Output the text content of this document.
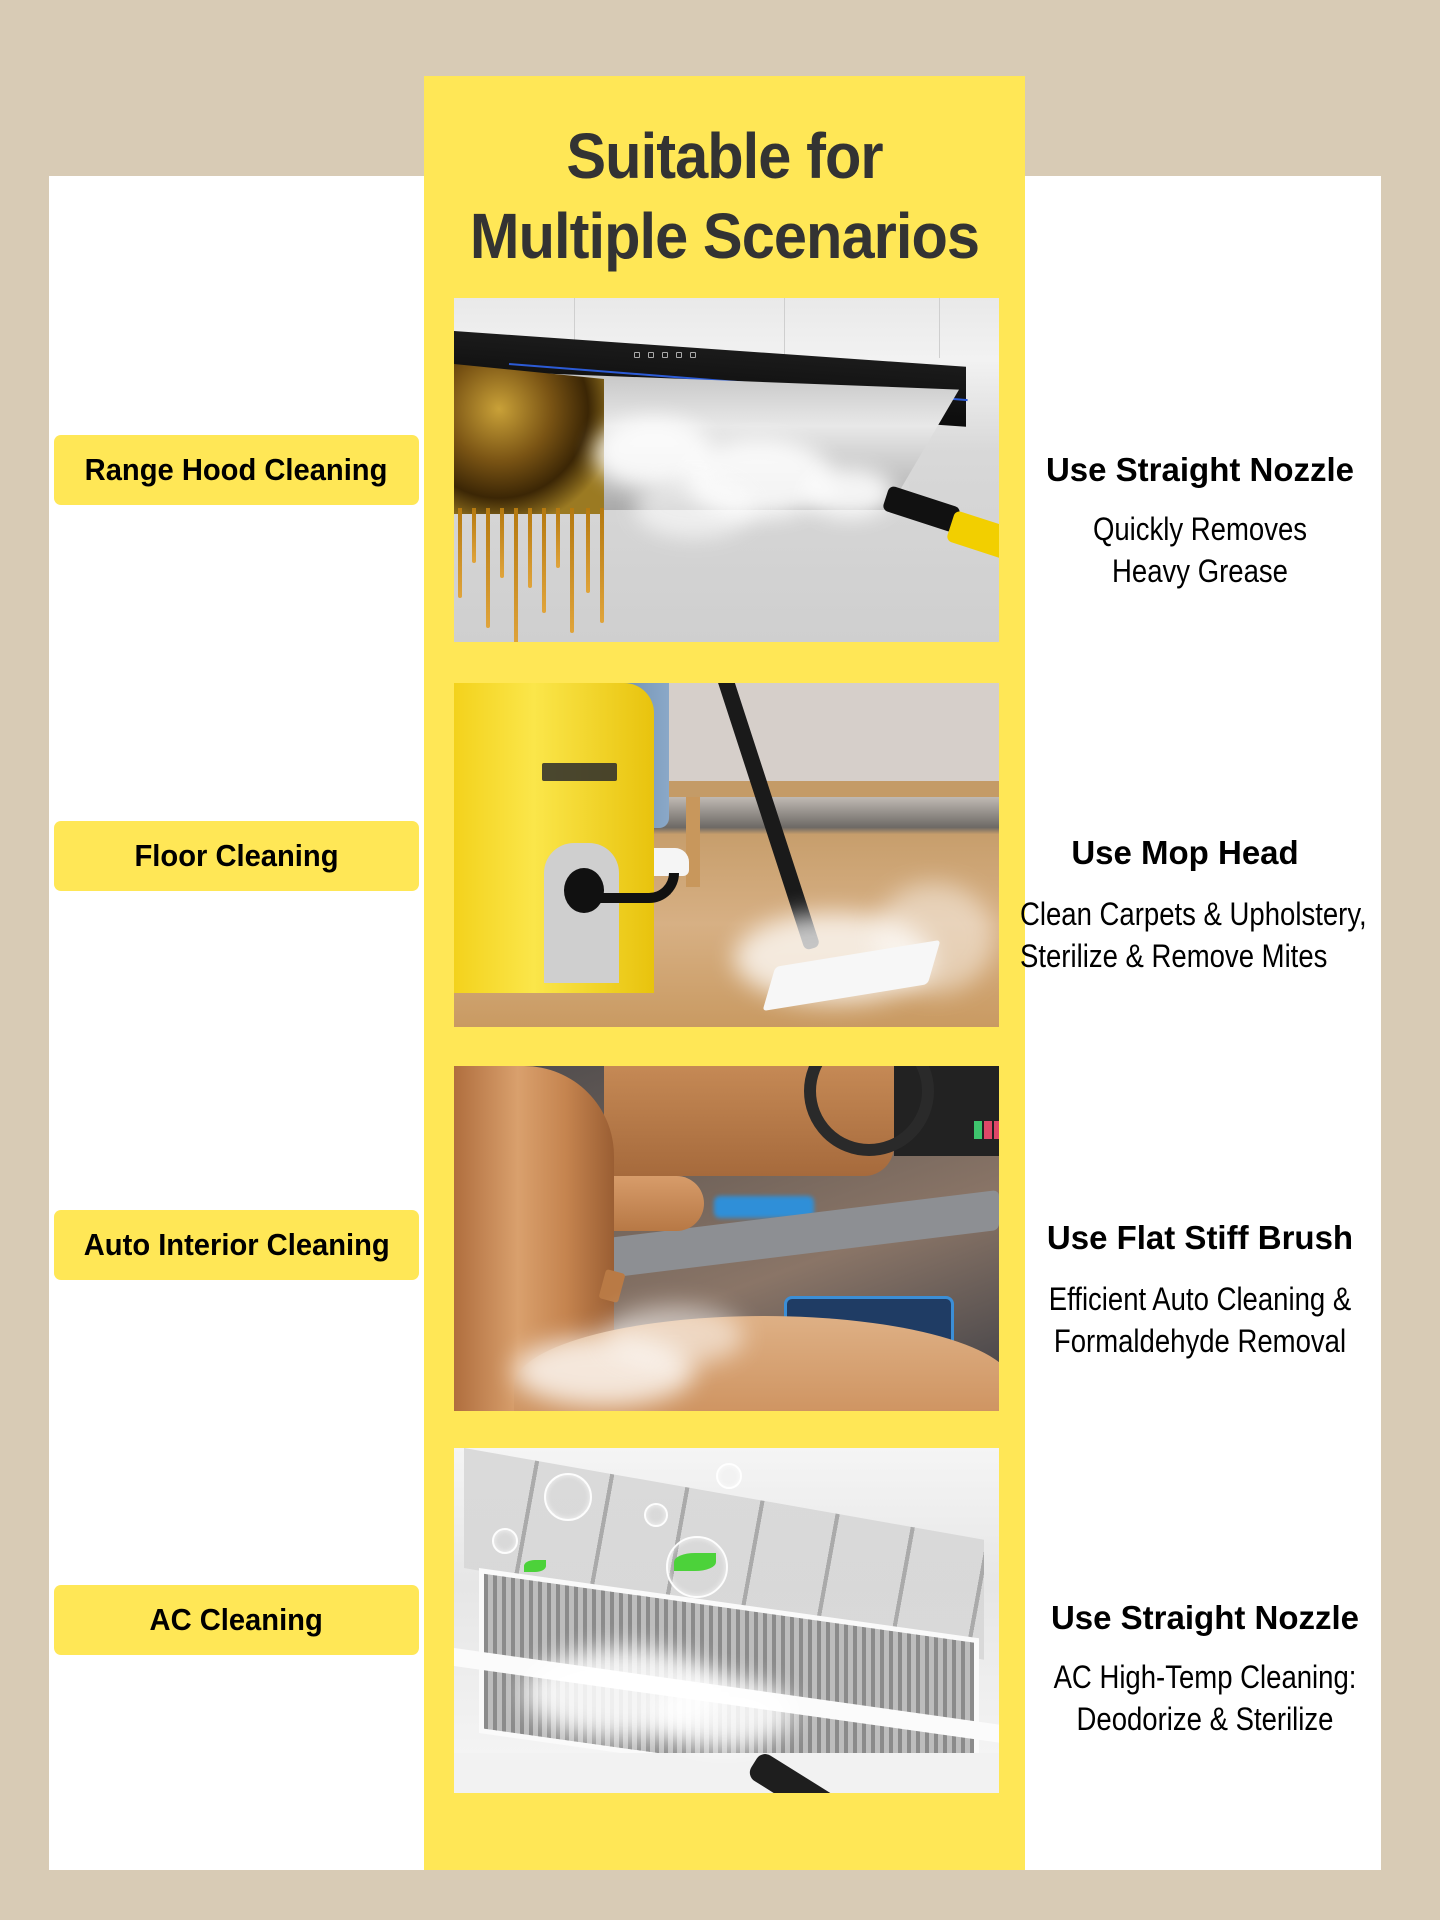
Suitable for
Multiple Scenarios
Range Hood Cleaning	Use Straight Nozzle
Quickly Removes
Heavy Grease
Floor Cleaning	Use Mop Head
Clean Carpets & Upholstery,
Sterilize & Remove Mites
Auto Interior Cleaning	Use Flat Stiff Brush
Efficient Auto Cleaning &
Formaldehyde Removal
AC Cleaning	Use Straight Nozzle
AC High-Temp Cleaning:
Deodorize & Sterilize
